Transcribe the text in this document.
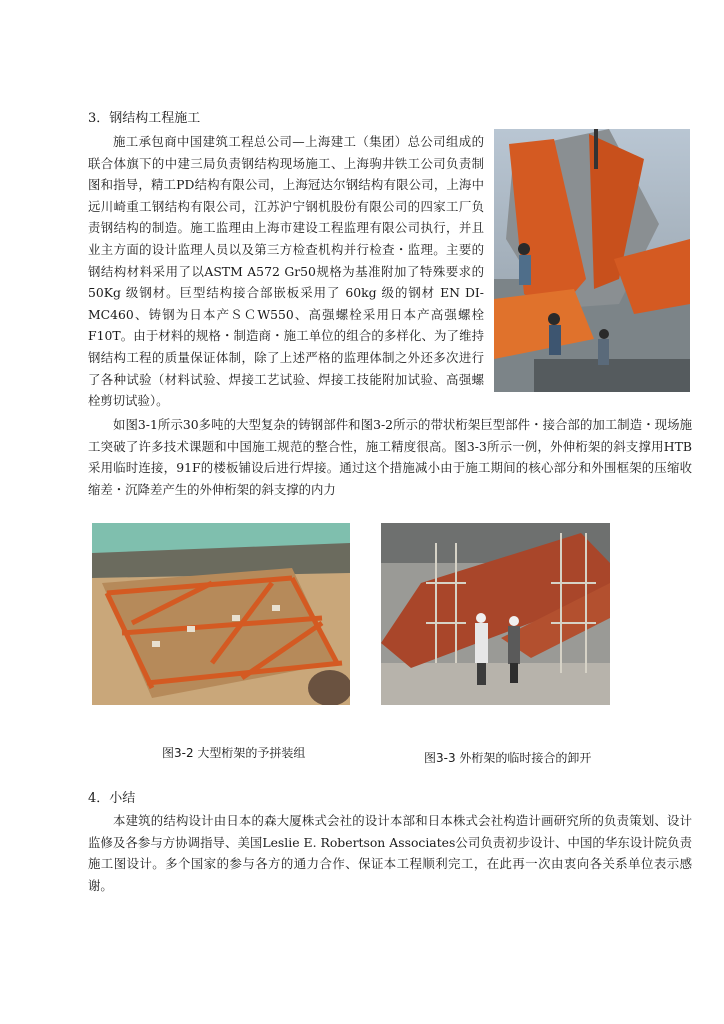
3．钢结构工程施工

施工承包商中国建筑工程总公司—上海建工（集团）总公司组成的联合体旗下的中建三局负责钢结构现场施工、上海驹井铁工公司负责制图和指导，精工PD结构有限公司，上海冠达尔钢结构有限公司，上海中远川崎重工钢结构有限公司，江苏沪宁钢机股份有限公司的四家工厂负责钢结构的制造。施工监理由上海市建设工程监理有限公司执行，并且业主方面的设计监理人员以及第三方检查机构并行检查・监理。主要的钢结构材料采用了以ASTM A572 Gr50规格为基准附加了特殊要求的50Kg 级钢材。巨型结构接合部嵌板采用了 60kg 级的钢材 EN DI-MC460、铸钢为日本产ＳＣW550、高强螺栓采用日本产高强螺栓F10T。由于材料的规格・制造商・施工单位的组合的多样化、为了维持钢结构工程的质量保证体制，除了上述严格的监理体制之外还多次进行了各种试验（材料试验、焊接工艺试验、焊接工技能附加试验、高强螺栓剪切试验）。

如图3-1所示30多吨的大型复杂的铸钢部件和图3-2所示的带状桁架巨型部件・接合部的加工制造・现场施工突破了许多技术课题和中国施工规范的整合性，施工精度很高。图3-3所示一例，外伸桁架的斜支撑用HTB采用临时连接，91F的楼板铺设后进行焊接。通过这个措施减小由于施工期间的核心部分和外围框架的压缩收缩差・沉降差产生的外伸桁架的斜支撑的内力

图3-2 大型桁架的予拼装组	图3-3 外桁架的临时接合的卸开
4．小结

本建筑的结构设计由日本的森大厦株式会社的设计本部和日本株式会社构造计画研究所的负责策划、设计监修及各参与方协调指导、美国Leslie E. Robertson Associates公司负责初步设计、中国的华东设计院负责施工图设计。多个国家的参与各方的通力合作、保证本工程顺利完工，在此再一次由衷向各关系单位表示感谢。
